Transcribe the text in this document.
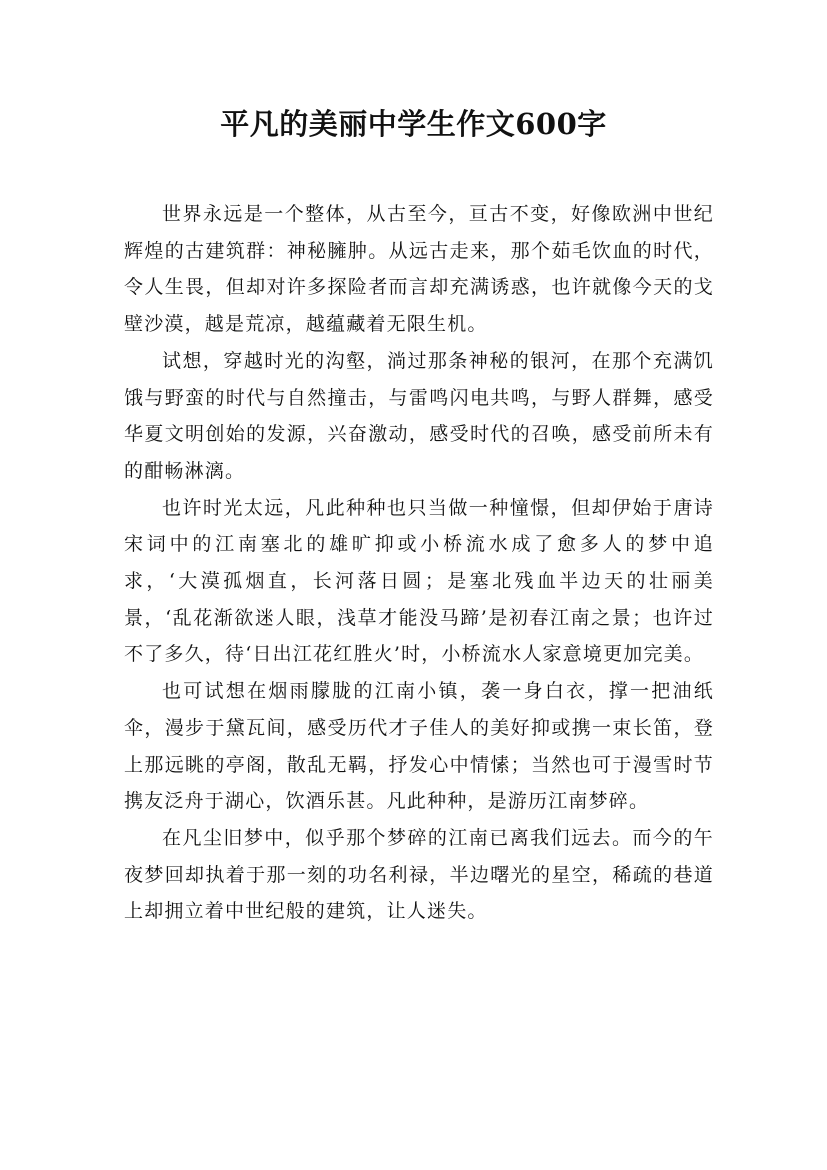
平凡的美丽中学生作文600字

世界永远是一个整体，从古至今，亘古不变，好像欧洲中世纪辉煌的古建筑群：神秘臃肿。从远古走来，那个茹毛饮血的时代，令人生畏，但却对许多探险者而言却充满诱惑，也许就像今天的戈壁沙漠，越是荒凉，越蕴藏着无限生机。

试想，穿越时光的沟壑，淌过那条神秘的银河，在那个充满饥饿与野蛮的时代与自然撞击，与雷鸣闪电共鸣，与野人群舞，感受华夏文明创始的发源，兴奋激动，感受时代的召唤，感受前所未有的酣畅淋漓。

也许时光太远，凡此种种也只当做一种憧憬，但却伊始于唐诗宋词中的江南塞北的雄旷抑或小桥流水成了愈多人的梦中追求，‘大漠孤烟直，长河落日圆；是塞北残血半边天的壮丽美景，‘乱花渐欲迷人眼，浅草才能没马蹄’是初春江南之景；也许过不了多久，待‘日出江花红胜火’时，小桥流水人家意境更加完美。

也可试想在烟雨朦胧的江南小镇，袭一身白衣，撑一把油纸伞，漫步于黛瓦间，感受历代才子佳人的美好抑或携一束长笛，登上那远眺的亭阁，散乱无羁，抒发心中情愫；当然也可于漫雪时节携友泛舟于湖心，饮酒乐甚。凡此种种，是游历江南梦碎。

在凡尘旧梦中，似乎那个梦碎的江南已离我们远去。而今的午夜梦回却执着于那一刻的功名利禄，半边曙光的星空，稀疏的巷道上却拥立着中世纪般的建筑，让人迷失。
